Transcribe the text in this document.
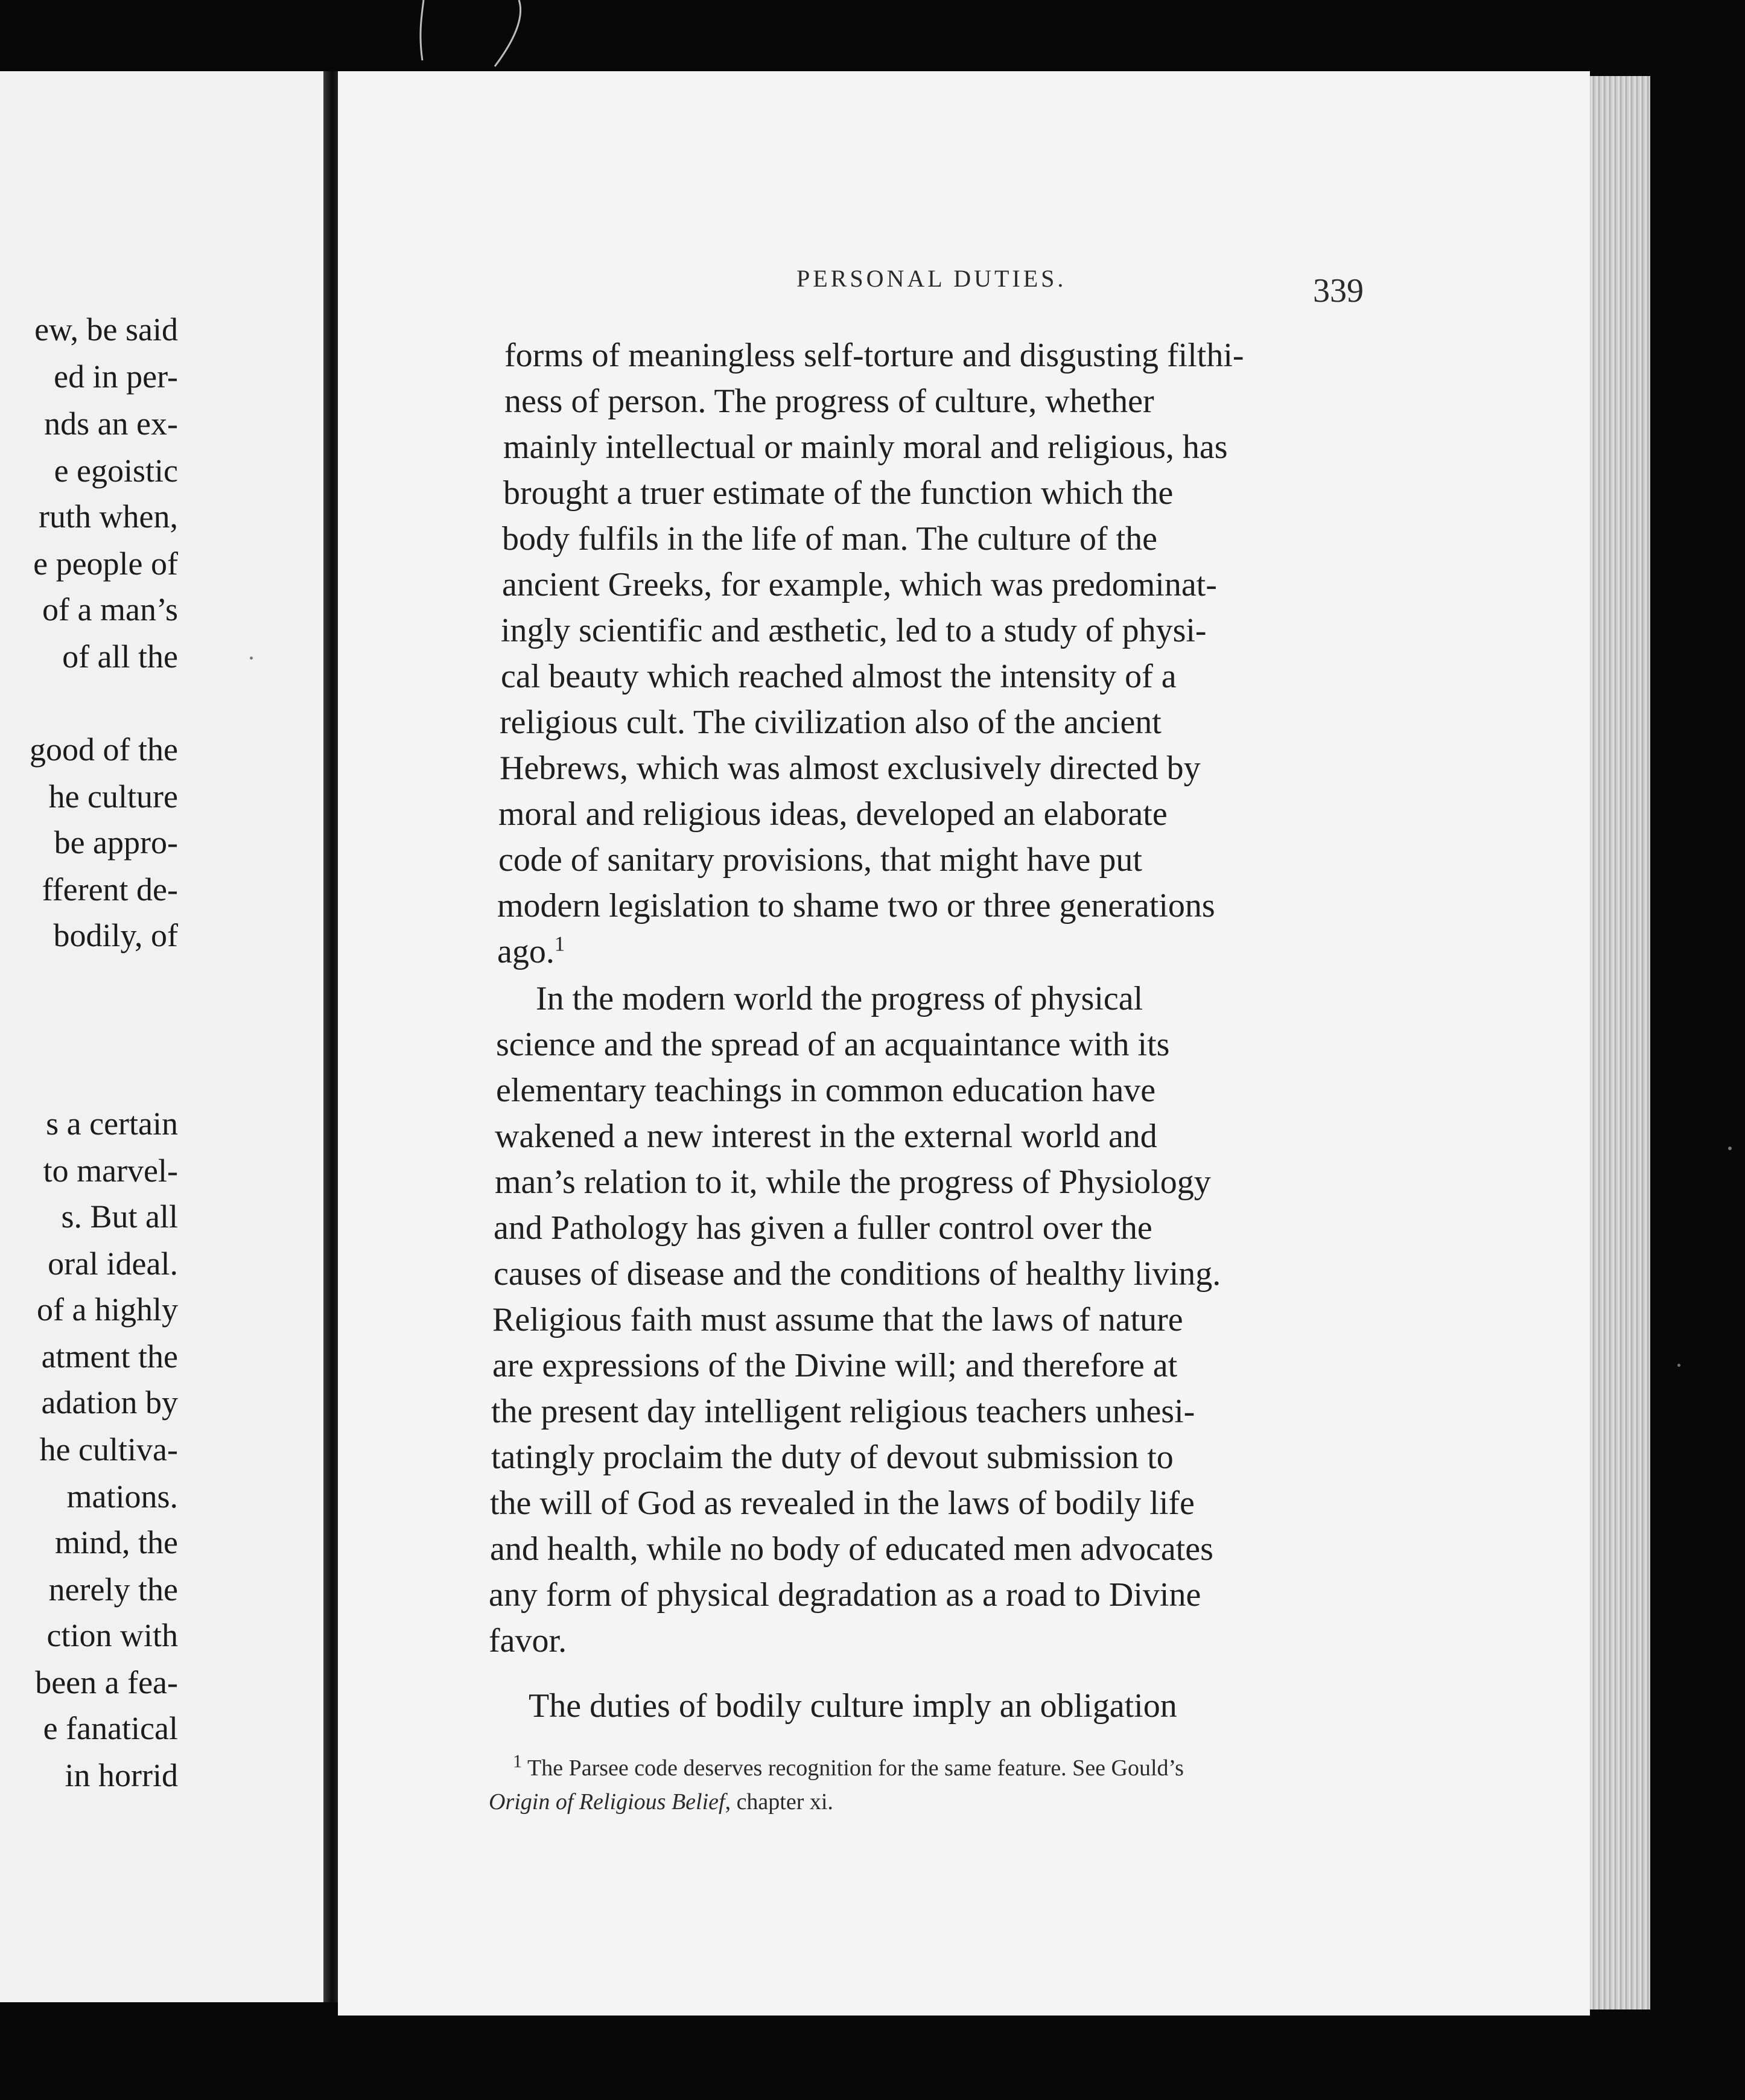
ew, be said
ed in per-
nds an ex-
e egoistic
ruth when,
e people of
of a man’s
of all the
good of the
he culture
be appro-
fferent de-
bodily, of
s a certain
to marvel-
s. But all
oral ideal.
of a highly
atment the
adation by
he cultiva-
mations.
mind, the
nerely the
ction with
been a fea-
e fanatical
in horrid
PERSONAL DUTIES.	339
forms of meaningless self-torture and disgusting filthi-
ness of person. The progress of culture, whether
mainly intellectual or mainly moral and religious, has
brought a truer estimate of the function which the
body fulfils in the life of man. The culture of the
ancient Greeks, for example, which was predominat-
ingly scientific and æsthetic, led to a study of physi-
cal beauty which reached almost the intensity of a
religious cult. The civilization also of the ancient
Hebrews, which was almost exclusively directed by
moral and religious ideas, developed an elaborate
code of sanitary provisions, that might have put
modern legislation to shame two or three generations
ago.$^1$
In the modern world the progress of physical
science and the spread of an acquaintance with its
elementary teachings in common education have
wakened a new interest in the external world and
man’s relation to it, while the progress of Physiology
and Pathology has given a fuller control over the
causes of disease and the conditions of healthy living.
Religious faith must assume that the laws of nature
are expressions of the Divine will; and therefore at
the present day intelligent religious teachers unhesi-
tatingly proclaim the duty of devout submission to
the will of God as revealed in the laws of bodily life
and health, while no body of educated men advocates
any form of physical degradation as a road to Divine
favor.
The duties of bodily culture imply an obligation
$^1$ The Parsee code deserves recognition for the same feature. See Gould’s
Origin of Religious Belief, chapter xi.
